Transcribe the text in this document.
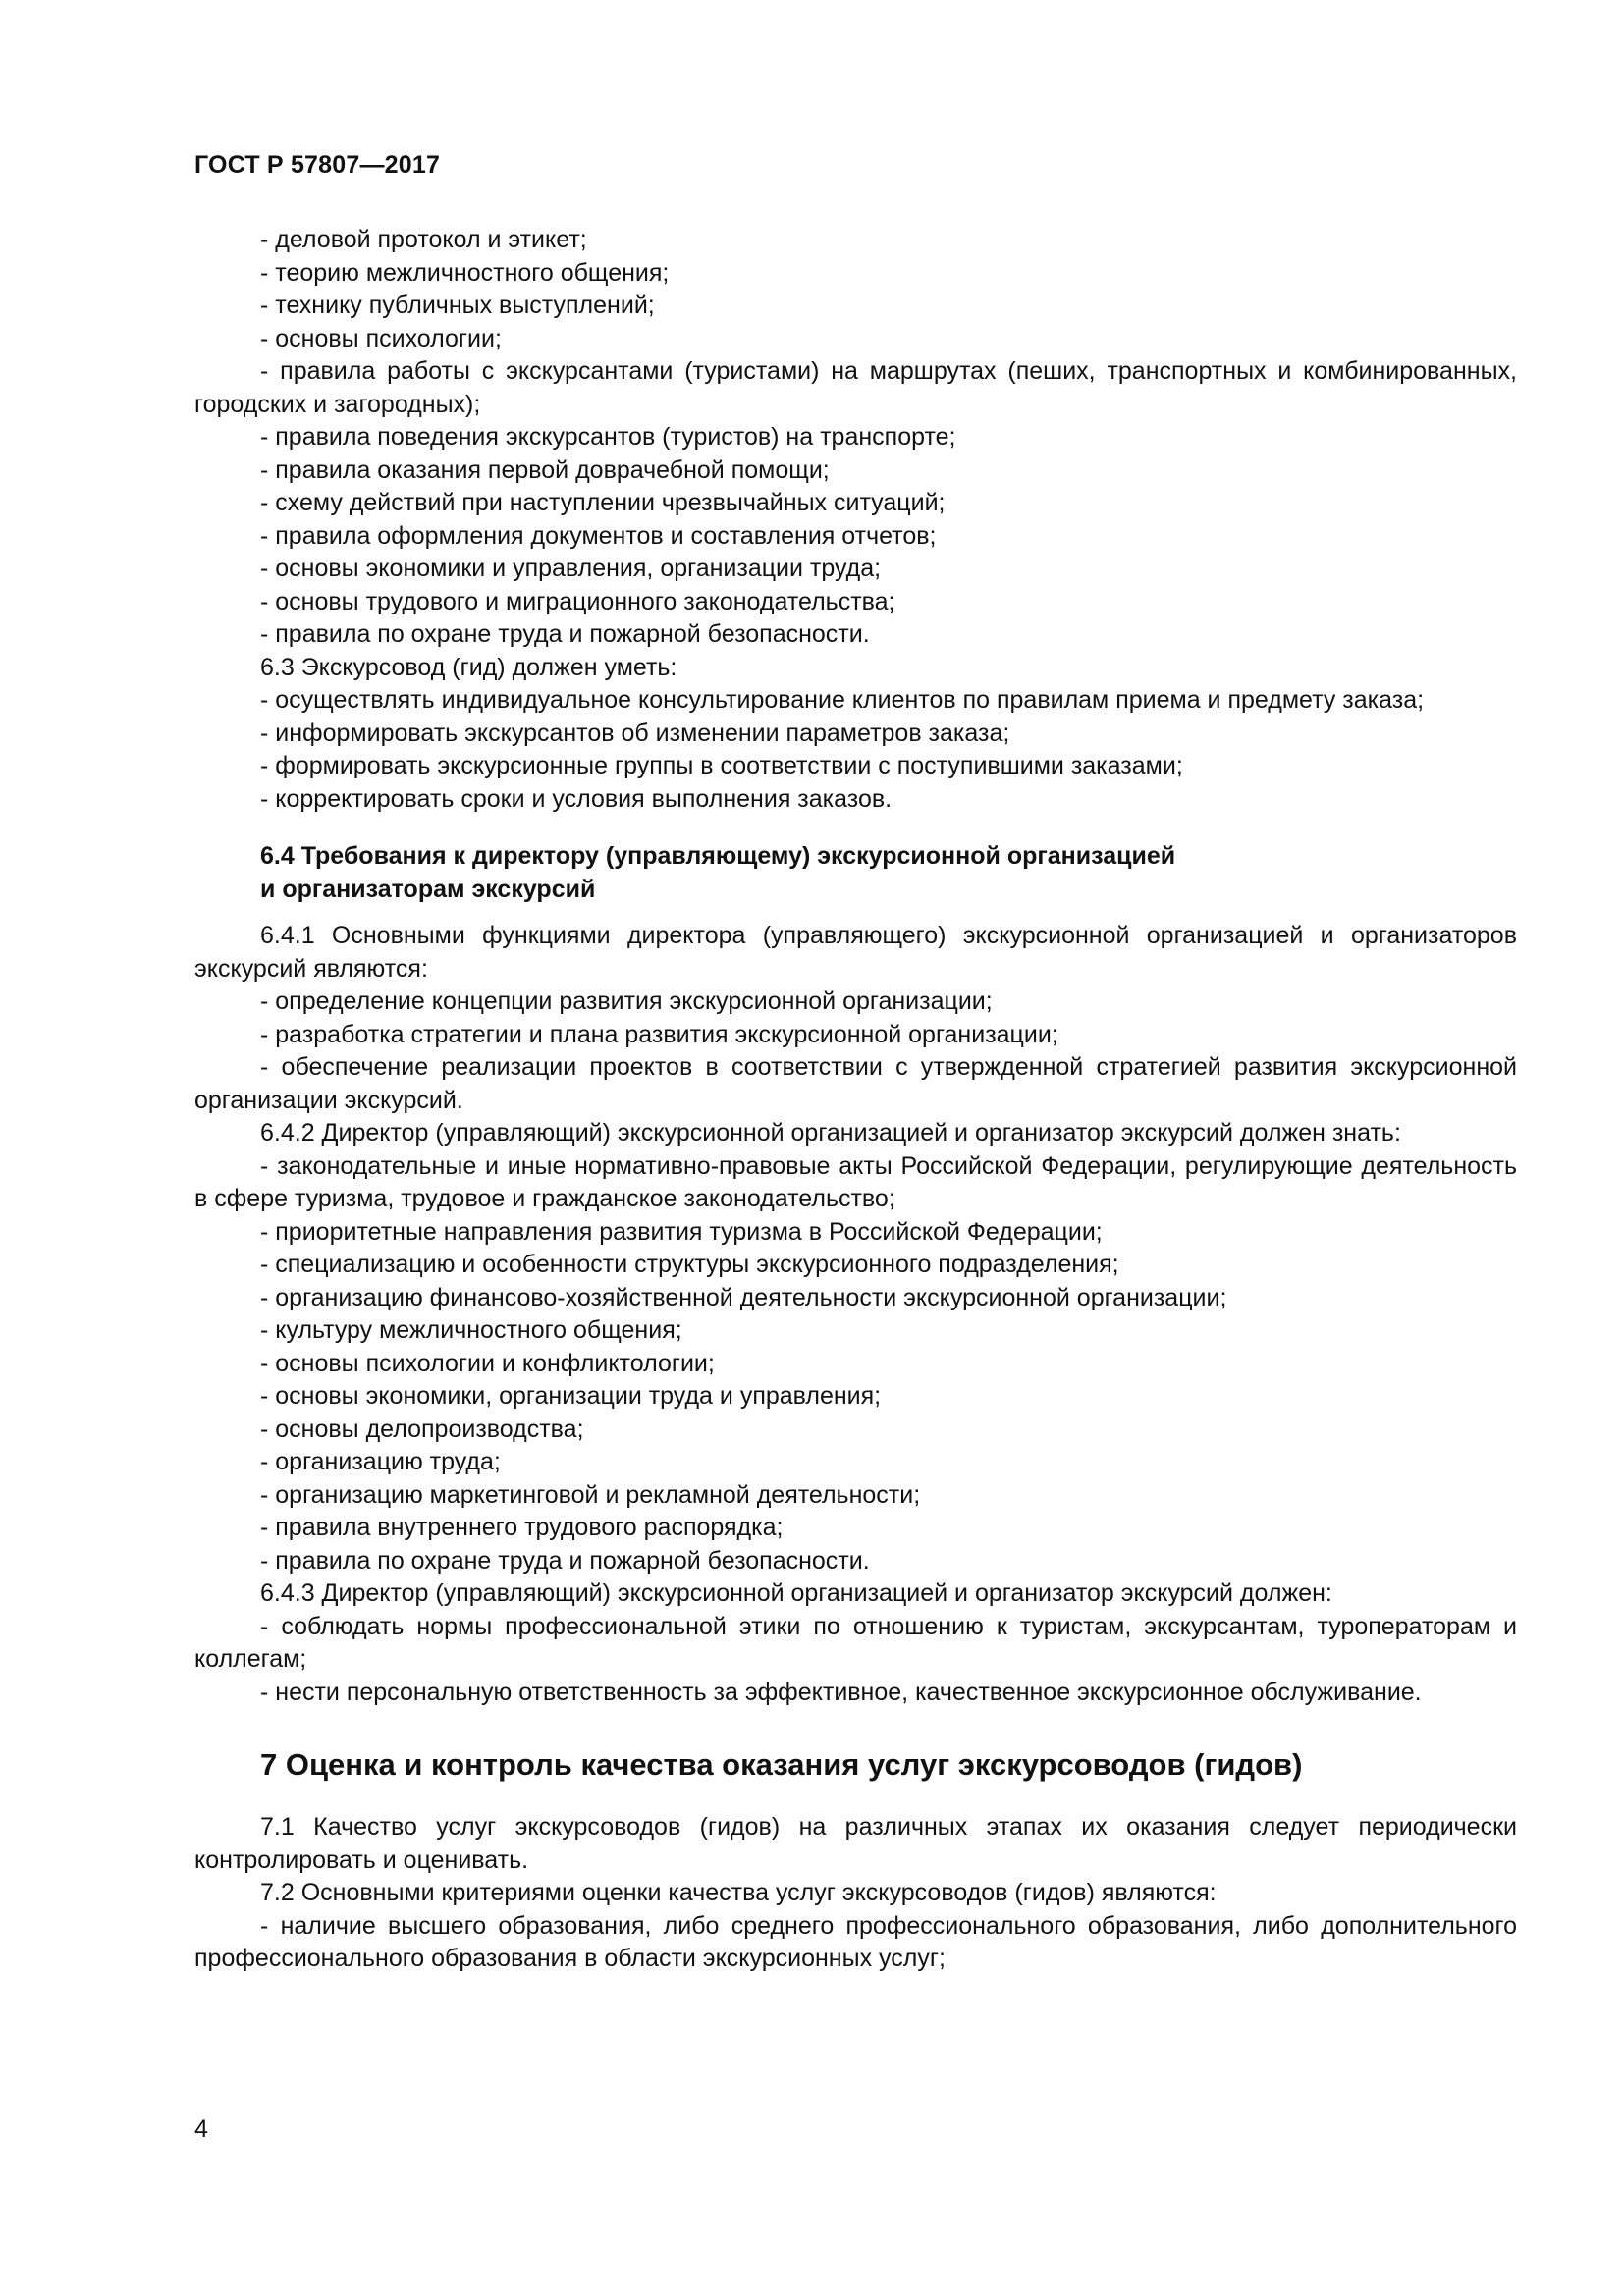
ГОСТ Р 57807—2017

- деловой протокол и этикет;

- теорию межличностного общения;

- технику публичных выступлений;

- основы психологии;

- правила работы с экскурсантами (туристами) на маршрутах (пеших, транспортных и комбинированных, городских и загородных);

- правила поведения экскурсантов (туристов) на транспорте;

- правила оказания первой доврачебной помощи;

- схему действий при наступлении чрезвычайных ситуаций;

- правила оформления документов и составления отчетов;

- основы экономики и управления, организации труда;

- основы трудового и миграционного законодательства;

- правила по охране труда и пожарной безопасности.

6.3 Экскурсовод (гид) должен уметь:

- осуществлять индивидуальное консультирование клиентов по правилам приема и предмету заказа;

- информировать экскурсантов об изменении параметров заказа;

- формировать экскурсионные группы в соответствии с поступившими заказами;

- корректировать сроки и условия выполнения заказов.

6.4 Требования к директору (управляющему) экскурсионной организацией
и организаторам экскурсий

6.4.1 Основными функциями директора (управляющего) экскурсионной организацией и организаторов экскурсий являются:

- определение концепции развития экскурсионной организации;

- разработка стратегии и плана развития экскурсионной организации;

- обеспечение реализации проектов в соответствии с утвержденной стратегией развития экскурсионной организации экскурсий.

6.4.2 Директор (управляющий) экскурсионной организацией и организатор экскурсий должен знать:

- законодательные и иные нормативно-правовые акты Российской Федерации, регулирующие деятельность в сфере туризма, трудовое и гражданское законодательство;

- приоритетные направления развития туризма в Российской Федерации;

- специализацию и особенности структуры экскурсионного подразделения;

- организацию финансово-хозяйственной деятельности экскурсионной организации;

- культуру межличностного общения;

- основы психологии и конфликтологии;

- основы экономики, организации труда и управления;

- основы делопроизводства;

- организацию труда;

- организацию маркетинговой и рекламной деятельности;

- правила внутреннего трудового распорядка;

- правила по охране труда и пожарной безопасности.

6.4.3 Директор (управляющий) экскурсионной организацией и организатор экскурсий должен:

- соблюдать нормы профессиональной этики по отношению к туристам, экскурсантам, туроператорам и коллегам;

- нести персональную ответственность за эффективное, качественное экскурсионное обслуживание.

7 Оценка и контроль качества оказания услуг экскурсоводов (гидов)

7.1 Качество услуг экскурсоводов (гидов) на различных этапах их оказания следует периодически контролировать и оценивать.

7.2 Основными критериями оценки качества услуг экскурсоводов (гидов) являются:

- наличие высшего образования, либо среднего профессионального образования, либо дополнительного профессионального образования в области экскурсионных услуг;

4
